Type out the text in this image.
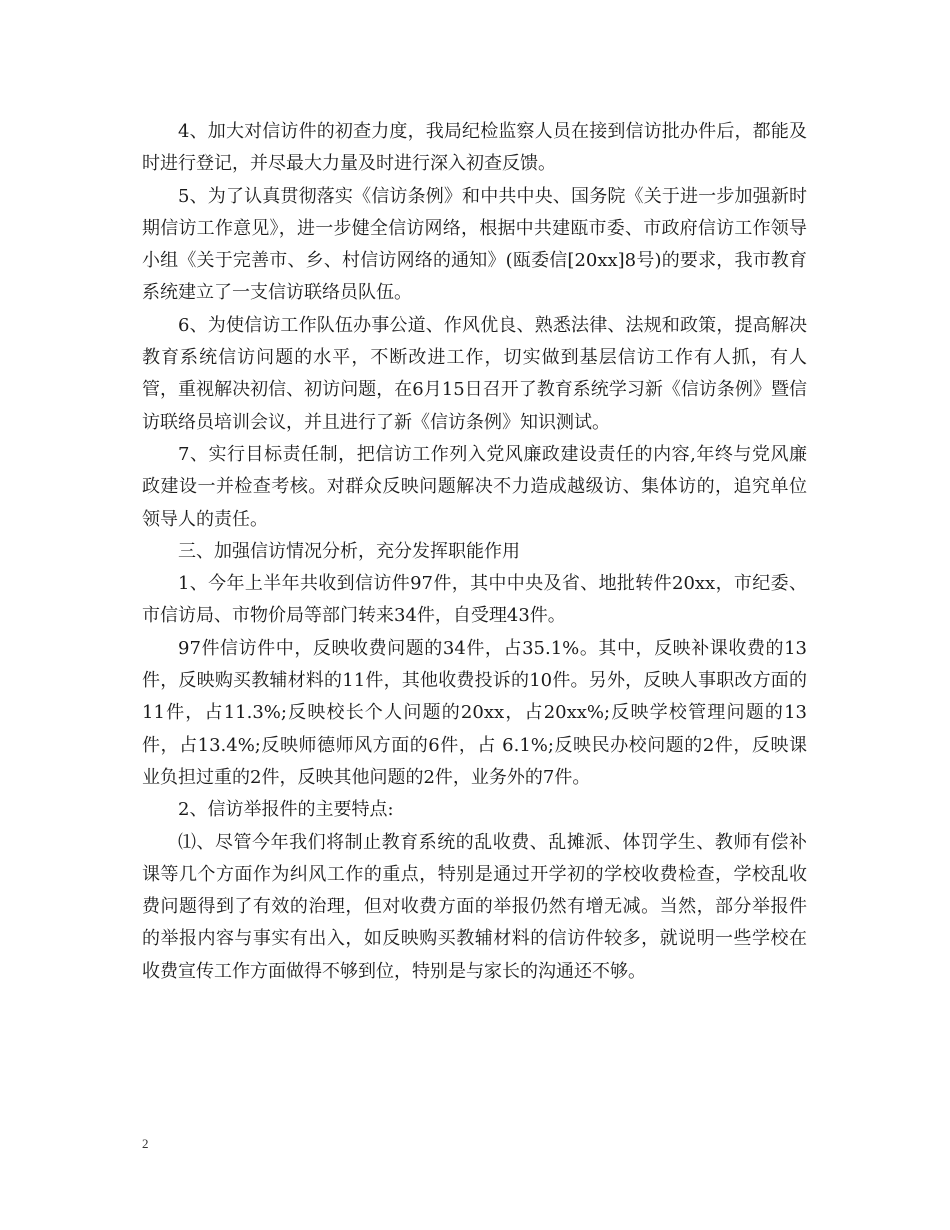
4、加大对信访件的初查力度，我局纪检监察人员在接到信访批办件后，都能及时进行登记，并尽最大力量及时进行深入初查反馈。

5、为了认真贯彻落实《信访条例》和中共中央、国务院《关于进一步加强新时期信访工作意见》，进一步健全信访网络，根据中共建瓯市委、市政府信访工作领导小组《关于完善市、乡、村信访网络的通知》(瓯委信[20xx]8号)的要求，我市教育系统建立了一支信访联络员队伍。

6、为使信访工作队伍办事公道、作风优良、熟悉法律、法规和政策，提高解决教育系统信访问题的水平，不断改进工作，切实做到基层信访工作有人抓，有人管，重视解决初信、初访问题，在6月15日召开了教育系统学习新《信访条例》暨信访联络员培训会议，并且进行了新《信访条例》知识测试。

7、实行目标责任制，把信访工作列入党风廉政建设责任的内容,年终与党风廉政建设一并检查考核。对群众反映问题解决不力造成越级访、集体访的，追究单位领导人的责任。

三、加强信访情况分析，充分发挥职能作用

1、今年上半年共收到信访件97件，其中中央及省、地批转件20xx，市纪委、市信访局、市物价局等部门转来34件，自受理43件。

97件信访件中，反映收费问题的34件，占35.1%。其中，反映补课收费的13件，反映购买教辅材料的11件，其他收费投诉的10件。另外，反映人事职改方面的11件，占11.3%;反映校长个人问题的20xx，占20xx%;反映学校管理问题的13件，占13.4%;反映师德师风方面的6件，占 6.1%;反映民办校问题的2件，反映课业负担过重的2件，反映其他问题的2件，业务外的7件。

2、信访举报件的主要特点:

⑴、尽管今年我们将制止教育系统的乱收费、乱摊派、体罚学生、教师有偿补课等几个方面作为纠风工作的重点，特别是通过开学初的学校收费检查，学校乱收费问题得到了有效的治理，但对收费方面的举报仍然有增无减。当然，部分举报件的举报内容与事实有出入，如反映购买教辅材料的信访件较多，就说明一些学校在收费宣传工作方面做得不够到位，特别是与家长的沟通还不够。

2
